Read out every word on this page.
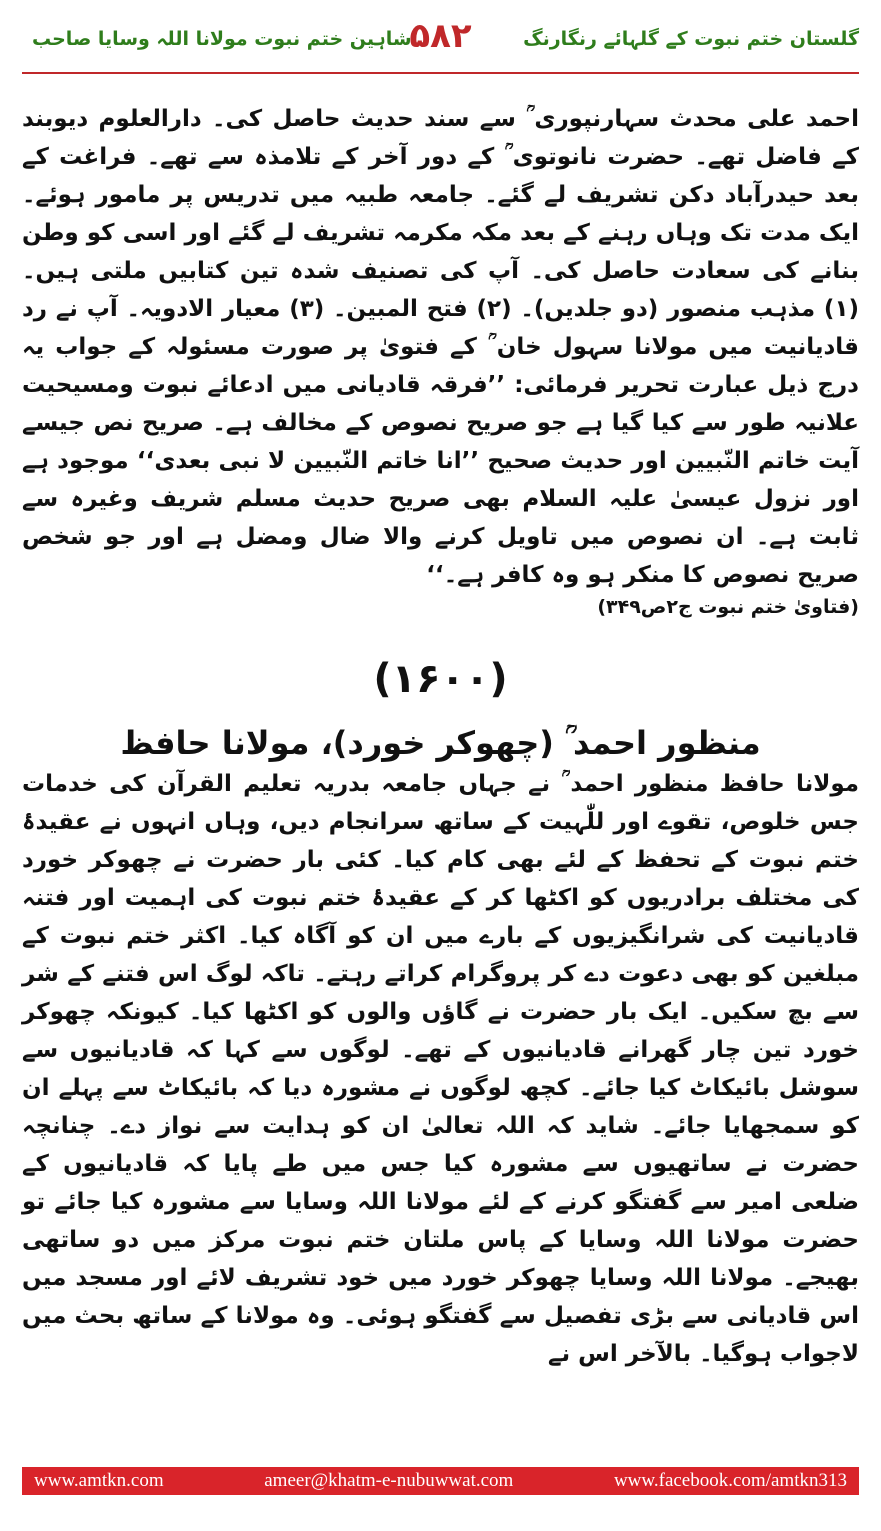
گلستان ختم نبوت کے گلہائے رنگارنگ
۵۸۲
شاہین ختم نبوت مولانا اللہ وسایا صاحب

احمد علی محدث سہارنپوری ؒ سے سند حدیث حاصل کی۔ دارالعلوم دیوبند کے فاضل تھے۔ حضرت نانوتوی ؒ کے دور آخر کے تلامذہ سے تھے۔ فراغت کے بعد حیدرآباد دکن تشریف لے گئے۔ جامعہ طبیہ میں تدریس پر مامور ہوئے۔ ایک مدت تک وہاں رہنے کے بعد مکہ مکرمہ تشریف لے گئے اور اسی کو وطن بنانے کی سعادت حاصل کی۔ آپ کی تصنیف شدہ تین کتابیں ملتی ہیں۔ (۱) مذہب منصور (دو جلدیں)۔ (۲) فتح المبین۔ (۳) معیار الادویہ۔ آپ نے رد قادیانیت میں مولانا سہول خان ؒ کے فتویٰ پر صورت مسئولہ کے جواب یہ درج ذیل عبارت تحریر فرمائی: ’’فرقہ قادیانی میں ادعائے نبوت ومسیحیت علانیہ طور سے کیا گیا ہے جو صریح نصوص کے مخالف ہے۔ صریح نص جیسے آیت خاتم النّبیین اور حدیث صحیح ’’انا خاتم النّبیین لا نبی بعدی‘‘ موجود ہے اور نزول عیسیٰ علیہ السلام بھی صریح حدیث مسلم شریف وغیرہ سے ثابت ہے۔ ان نصوص میں تاویل کرنے والا ضال ومضل ہے اور جو شخص صریح نصوص کا منکر ہو وہ کافر ہے۔‘‘

(فتاویٰ ختم نبوت ج۲ص۳۴۹)
(۱۶۰۰)
منظور احمد ؒ (چھوکر خورد)، مولانا حافظ

مولانا حافظ منظور احمد ؒ نے جہاں جامعہ بدریہ تعلیم القرآن کی خدمات جس خلوص، تقوے اور للّٰہیت کے ساتھ سرانجام دیں، وہاں انہوں نے عقیدۂ ختم نبوت کے تحفظ کے لئے بھی کام کیا۔ کئی بار حضرت نے چھوکر خورد کی مختلف برادریوں کو اکٹھا کر کے عقیدۂ ختم نبوت کی اہمیت اور فتنہ قادیانیت کی شرانگیزیوں کے بارے میں ان کو آگاہ کیا۔ اکثر ختم نبوت کے مبلغین کو بھی دعوت دے کر پروگرام کراتے رہتے۔ تاکہ لوگ اس فتنے کے شر سے بچ سکیں۔ ایک بار حضرت نے گاؤں والوں کو اکٹھا کیا۔ کیونکہ چھوکر خورد تین چار گھرانے قادیانیوں کے تھے۔ لوگوں سے کہا کہ قادیانیوں سے سوشل بائیکاٹ کیا جائے۔ کچھ لوگوں نے مشورہ دیا کہ بائیکاٹ سے پہلے ان کو سمجھایا جائے۔ شاید کہ اللہ تعالیٰ ان کو ہدایت سے نواز دے۔ چنانچہ حضرت نے ساتھیوں سے مشورہ کیا جس میں طے پایا کہ قادیانیوں کے ضلعی امیر سے گفتگو کرنے کے لئے مولانا اللہ وسایا سے مشورہ کیا جائے تو حضرت مولانا اللہ وسایا کے پاس ملتان ختم نبوت مرکز میں دو ساتھی بھیجے۔ مولانا اللہ وسایا چھوکر خورد میں خود تشریف لائے اور مسجد میں اس قادیانی سے بڑی تفصیل سے گفتگو ہوئی۔ وہ مولانا کے ساتھ بحث میں لاجواب ہوگیا۔ بالآخر اس نے

www.amtkn.com	ameer@khatm-e-nubuwwat.com	www.facebook.com/amtkn313
